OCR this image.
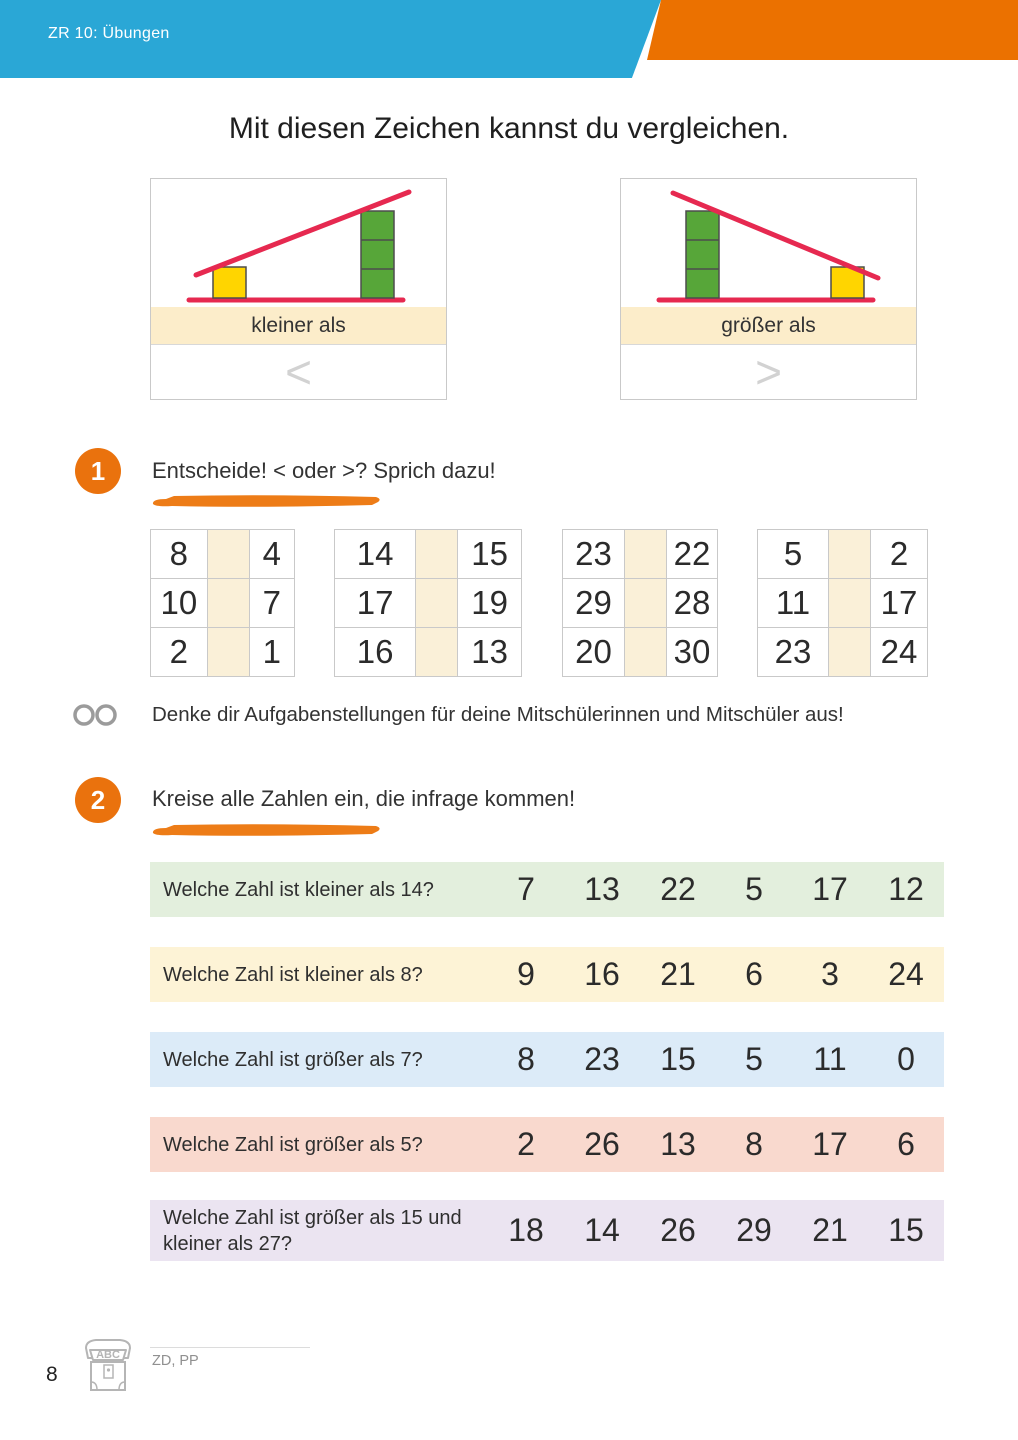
ZR 10: Übungen
Mit diesen Zeichen kannst du vergleichen.
kleiner als
<
größer als
>
1	Entscheide! < oder >? Sprich dazu!
8	4
10	7
2	1
14	15
17	19
16	13
23	22
29	28
20	30
5	2
11	17
23	24
Denke dir Aufgabenstellungen für deine Mitschülerinnen und Mitschüler aus!
2	Kreise alle Zahlen ein, die infrage kommen!
Welche Zahl ist kleiner als 14?	7	13	22	5	17	12
Welche Zahl ist kleiner als 8?	9	16	21	6	3	24
Welche Zahl ist größer als 7?	8	23	15	5	11	0
Welche Zahl ist größer als 5?	2	26	13	8	17	6
Welche Zahl ist größer als 15 und kleiner als 27?	18	14	26	29	21	15
8
ABC ZD, PP
